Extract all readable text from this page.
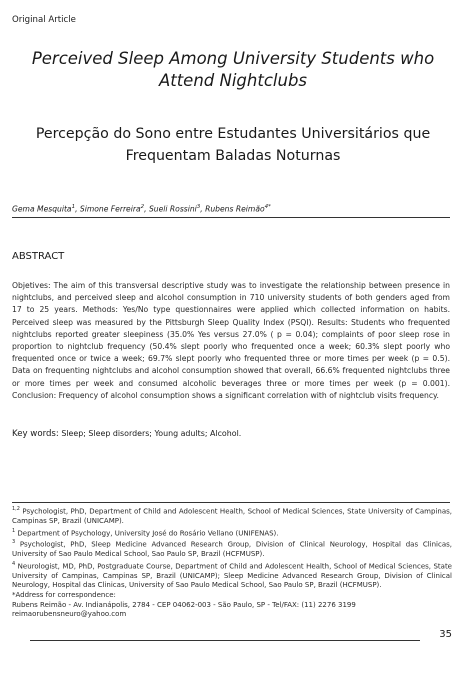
Original Article
Perceived Sleep Among University Students who Attend Nightclubs
Percepção do Sono entre Estudantes Universitários que Frequentam Baladas Noturnas
Gema Mesquita$^1$, Simone Ferreira$^2$, Sueli Rossini$^3$, Rubens Reimão$^{4*}$
ABSTRACT
Objetives: The aim of this transversal descriptive study was to investigate the relationship between presence in nightclubs, and perceived sleep and alcohol consumption in 710 university students of both genders aged from 17 to 25 years. Methods: Yes/No type questionnaires were applied which collected information on habits. Perceived sleep was measured by the Pittsburgh Sleep Quality Index (PSQI). Results: Students who frequented nightclubs reported greater sleepiness (35.0% Yes versus 27.0% ( p = 0.04); complaints of poor sleep rose in proportion to nightclub frequency (50.4% slept poorly who frequented once a week; 60.3% slept poorly who frequented once or twice a week; 69.7% slept poorly who frequented three or more times per week (p = 0.5). Data on frequenting nightclubs and alcohol consumption showed that overall, 66.6% frequented nightclubs three or more times per week and consumed alcoholic beverages three or more times per week (p = 0.001). Conclusion: Frequency of alcohol consumption shows a significant correlation with of nightclub visits frequency.
Key words: Sleep; Sleep disorders; Young adults; Alcohol.

$^{1,2}$ Psychologist, PhD, Department of Child and Adolescent Health, School of Medical Sciences, State University of Campinas, Campinas SP, Brazil (UNICAMP).

$^1$ Department of Psychology, University José do Rosário Vellano (UNIFENAS).

$^3$ Psychologist, PhD, Sleep Medicine Advanced Research Group, Division of Clinical Neurology, Hospital das Clinicas, University of Sao Paulo Medical School, Sao Paulo SP, Brazil (HCFMUSP).

$^4$ Neurologist, MD, PhD, Postgraduate Course, Department of Child and Adolescent Health, School of Medical Sciences, State University of Campinas, Campinas SP, Brazil (UNICAMP); Sleep Medicine Advanced Research Group, Division of Clinical Neurology, Hospital das Clinicas, University of Sao Paulo Medical School, Sao Paulo SP, Brazil (HCFMUSP).

*Address for correspondence:

Rubens Reimão - Av. Indianápolis, 2784 - CEP 04062-003 - São Paulo, SP - Tel/FAX: (11) 2276 3199

reimaorubensneuro@yahoo.com

35
